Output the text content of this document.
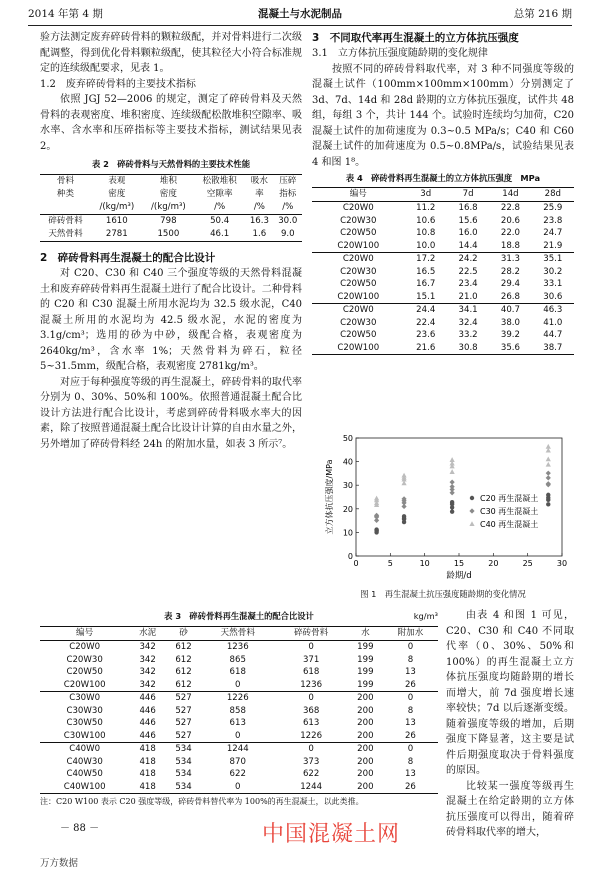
2014 年第 4 期	混凝土与水泥制品	总第 216 期

验方法测定废弃碎砖骨料的颗粒级配，并对骨料进行二次级配调整，得到优化骨料颗粒级配，使其粒径大小符合标准规定的连续级配要求，见表 1。

1.2　废弃碎砖骨料的主要技术指标

依照 JGJ 52—2006 的规定，测定了碎砖骨料及天然骨料的表观密度、堆积密度、连续级配松散堆积空隙率、吸水率、含水率和压碎指标等主要技术指标，测试结果见表 2。

表 2　碎砖骨料与天然骨料的主要技术性能
骨料	表观	堆积	松散堆积	吸水	压碎
种类	密度	密度	空隙率	率	指标
	/(kg/m³)	/(kg/m³)	/%	/%	/%
碎砖骨料	1610	798	50.4	16.3	30.0
天然骨料	2781	1500	46.1	1.6	9.0
2　碎砖骨料再生混凝土的配合比设计

对 C20、C30 和 C40 三个强度等级的天然骨料混凝土和废弃碎砖骨料再生混凝土进行了配合比设计。二种骨料的 C20 和 C30 混凝土所用水泥均为 32.5 级水泥，C40 混凝土所用的水泥均为 42.5 级水泥，水泥的密度为 3.1g/cm³；选用的砂为中砂，级配合格，表观密度为 2640kg/m³，含水率 1%；天然骨料为碎石，粒径 5~31.5mm，级配合格，表观密度 2781kg/m³。

对应于每种强度等级的再生混凝土，碎砖骨料的取代率分别为 0、30%、50%和 100%。依照普通混凝土配合比设计方法进行配合比设计，考虑到碎砖骨料吸水率大的因素，除了按照普通混凝土配合比设计计算的自由水量之外，另外增加了碎砖骨料经 24h 的附加水量，如表 3 所示⁷。

3　不同取代率再生混凝土的立方体抗压强度
3.1　立方体抗压强度随龄期的变化规律

按照不同的碎砖骨料取代率，对 3 种不同强度等级的混凝土试件（100mm×100mm×100mm）分别测定了 3d、7d、14d 和 28d 龄期的立方体抗压强度，试件共 48 组，每组 3 个，共计 144 个。试验时连续均匀加荷，C20 混凝土试件的加荷速度为 0.3~0.5 MPa/s；C40 和 C60 混凝土试件的加荷速度为 0.5~0.8MPa/s，试验结果见表 4 和图 1⁸。

表 4　碎砖骨料再生混凝土的立方体抗压强度　MPa
编号	3d	7d	14d	28d
C20W0	11.2	16.8	22.8	25.9
C20W30	10.6	15.6	20.6	23.8
C20W50	10.8	16.0	22.0	24.7
C20W100	10.0	14.4	18.8	21.9
C20W0	17.2	24.2	31.3	35.1
C20W30	16.5	22.5	28.2	30.2
C20W50	16.7	23.4	29.4	33.1
C20W100	15.1	21.0	26.8	30.6
C20W0	24.4	34.1	40.7	46.3
C20W30	22.4	32.4	38.0	41.0
C20W50	23.6	33.2	39.2	44.7
C20W100	21.6	30.8	35.6	38.7
0	5	10	15	20	25	30
0
10
20
30
40
50
龄期/d
立方体抗压强度/MPa	C20 再生混凝土
C30 再生混凝土
C40 再生混凝土
图 1　再生混凝土抗压强度随龄期的变化情况

由表 4 和图 1 可见，C20、C30 和 C40 不同取代率（0、30%、50%和 100%）的再生混凝土立方体抗压强度均随龄期的增长而增大，前 7d 强度增长速率较快；7d 以后逐渐变缓。随着强度等级的增加，后期强度下降显著，这主要是试件后期强度取决于骨料强度的原因。

比较某一强度等级再生混凝土在给定龄期的立方体抗压强度可以得出，随着碎砖骨料取代率的增大，

表 3　碎砖骨料再生混凝土的配合比设计	kg/m³
编号	水泥	砂	天然骨料	碎砖骨料	水	附加水
C20W0	342	612	1236	0	199	0
C20W30	342	612	865	371	199	8
C20W50	342	612	618	618	199	13
C20W100	342	612	0	1236	199	26
C30W0	446	527	1226	0	200	0
C30W30	446	527	858	368	200	8
C30W50	446	527	613	613	200	13
C30W100	446	527	0	1226	200	26
C40W0	418	534	1244	0	200	0
C40W30	418	534	870	373	200	8
C40W50	418	534	622	622	200	13
C40W100	418	534	0	1244	200	26
注：C20 W100 表示 C20 强度等级，碎砖骨料替代率为 100%的再生混凝土，以此类推。
－ 88 －	中国混凝土网
万方数据
